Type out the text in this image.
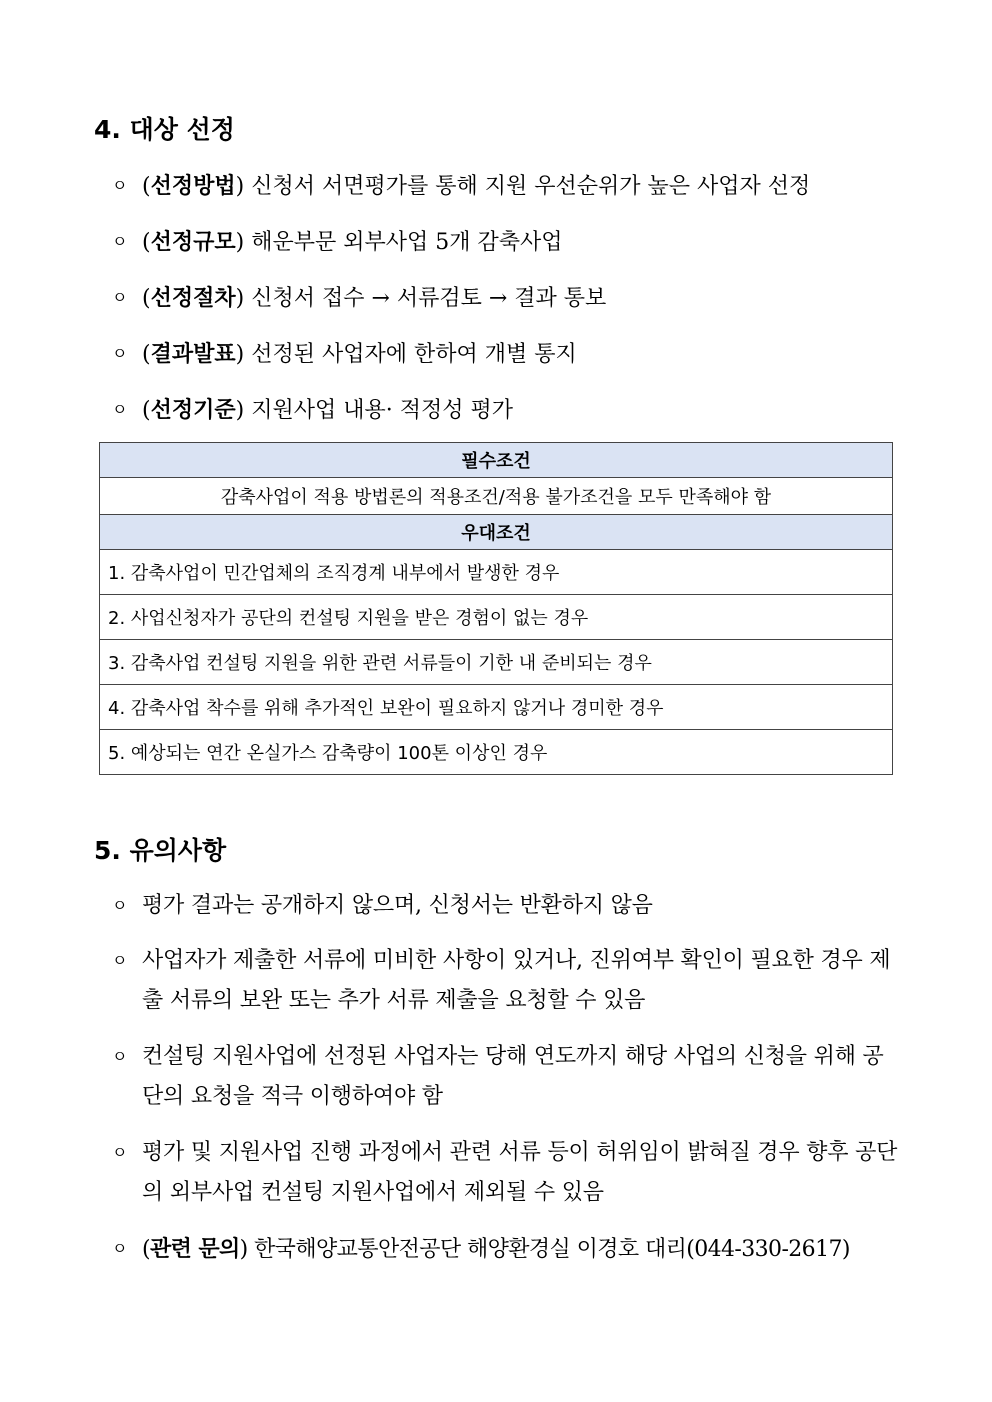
4. 대상 선정
ㅇ (선정방법) 신청서 서면평가를 통해 지원 우선순위가 높은 사업자 선정
ㅇ (선정규모) 해운부문 외부사업 5개 감축사업
ㅇ (선정절차) 신청서 접수 → 서류검토 → 결과 통보
ㅇ (결과발표) 선정된 사업자에 한하여 개별 통지
ㅇ (선정기준) 지원사업 내용· 적정성 평가
필수조건
감축사업이 적용 방법론의 적용조건/적용 불가조건을 모두 만족해야 함
우대조건
1. 감축사업이 민간업체의 조직경계 내부에서 발생한 경우
2. 사업신청자가 공단의 컨설팅 지원을 받은 경험이 없는 경우
3. 감축사업 컨설팅 지원을 위한 관련 서류들이 기한 내 준비되는 경우
4. 감축사업 착수를 위해 추가적인 보완이 필요하지 않거나 경미한 경우
5. 예상되는 연간 온실가스 감축량이 100톤 이상인 경우
5. 유의사항
ㅇ 평가 결과는 공개하지 않으며, 신청서는 반환하지 않음
ㅇ 사업자가 제출한 서류에 미비한 사항이 있거나, 진위여부 확인이 필요한 경우 제출 서류의 보완 또는 추가 서류 제출을 요청할 수 있음
ㅇ 컨설팅 지원사업에 선정된 사업자는 당해 연도까지 해당 사업의 신청을 위해 공단의 요청을 적극 이행하여야 함
ㅇ 평가 및 지원사업 진행 과정에서 관련 서류 등이 허위임이 밝혀질 경우 향후 공단의 외부사업 컨설팅 지원사업에서 제외될 수 있음
ㅇ (관련 문의) 한국해양교통안전공단 해양환경실 이경호 대리(044-330-2617)
